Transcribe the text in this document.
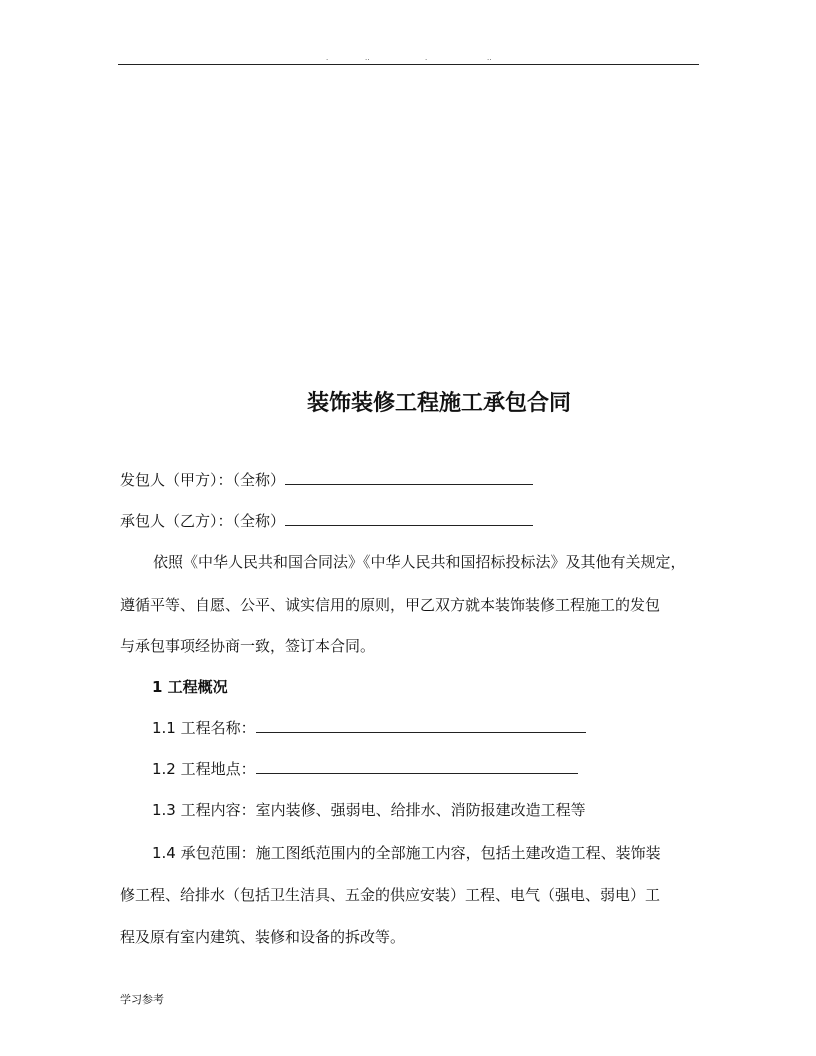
.	..	.	..
装饰装修工程施工承包合同
发包人（甲方）：（全称）
承包人（乙方）：（全称）
依照《中华人民共和国合同法》《中华人民共和国招标投标法》及其他有关规定，
遵循平等、自愿、公平、诚实信用的原则，甲乙双方就本装饰装修工程施工的发包
与承包事项经协商一致，签订本合同。
1 工程概况
1.1 工程名称：
1.2 工程地点：
1.3 工程内容：室内装修、强弱电、给排水、消防报建改造工程等
1.4 承包范围：施工图纸范围内的全部施工内容，包括土建改造工程、装饰装
修工程、给排水（包括卫生洁具、五金的供应安装）工程、电气（强电、弱电）工
程及原有室内建筑、装修和设备的拆改等。
学习参考
